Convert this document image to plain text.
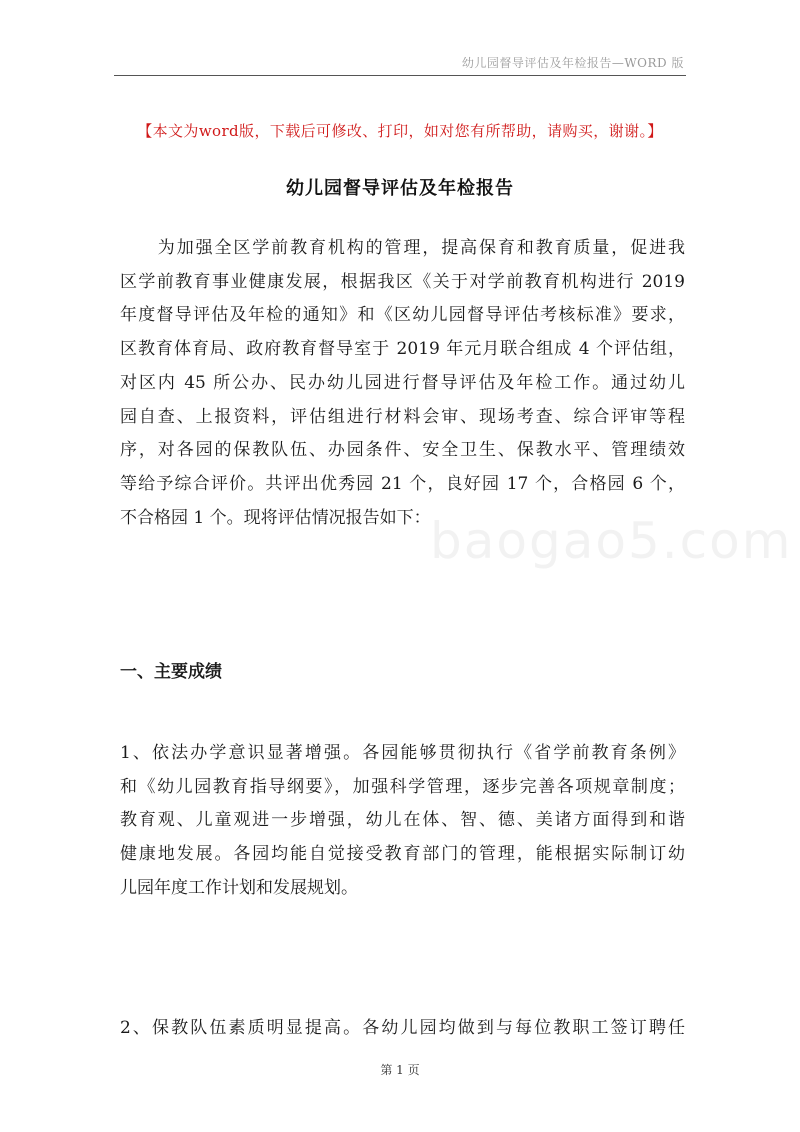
幼儿园督导评估及年检报告—WORD 版
【本文为word版，下载后可修改、打印，如对您有所帮助，请购买，谢谢。】
幼儿园督导评估及年检报告
　　为加强全区学前教育机构的管理，提高保育和教育质量，促进我
区学前教育事业健康发展，根据我区《关于对学前教育机构进行 2019
年度督导评估及年检的通知》和《区幼儿园督导评估考核标准》要求，
区教育体育局、政府教育督导室于 2019 年元月联合组成 4 个评估组，
对区内 45 所公办、民办幼儿园进行督导评估及年检工作。通过幼儿
园自查、上报资料，评估组进行材料会审、现场考查、综合评审等程
序，对各园的保教队伍、办园条件、安全卫生、保教水平、管理绩效
等给予综合评价。共评出优秀园 21 个，良好园 17 个，合格园 6 个，
不合格园 1 个。现将评估情况报告如下： baogao5.com
一、主要成绩
1、依法办学意识显著增强。各园能够贯彻执行《省学前教育条例》
和《幼儿园教育指导纲要》，加强科学管理，逐步完善各项规章制度；
教育观、儿童观进一步增强，幼儿在体、智、德、美诸方面得到和谐
健康地发展。各园均能自觉接受教育部门的管理，能根据实际制订幼
儿园年度工作计划和发展规划。
2、保教队伍素质明显提高。各幼儿园均做到与每位教职工签订聘任
第 1 页
